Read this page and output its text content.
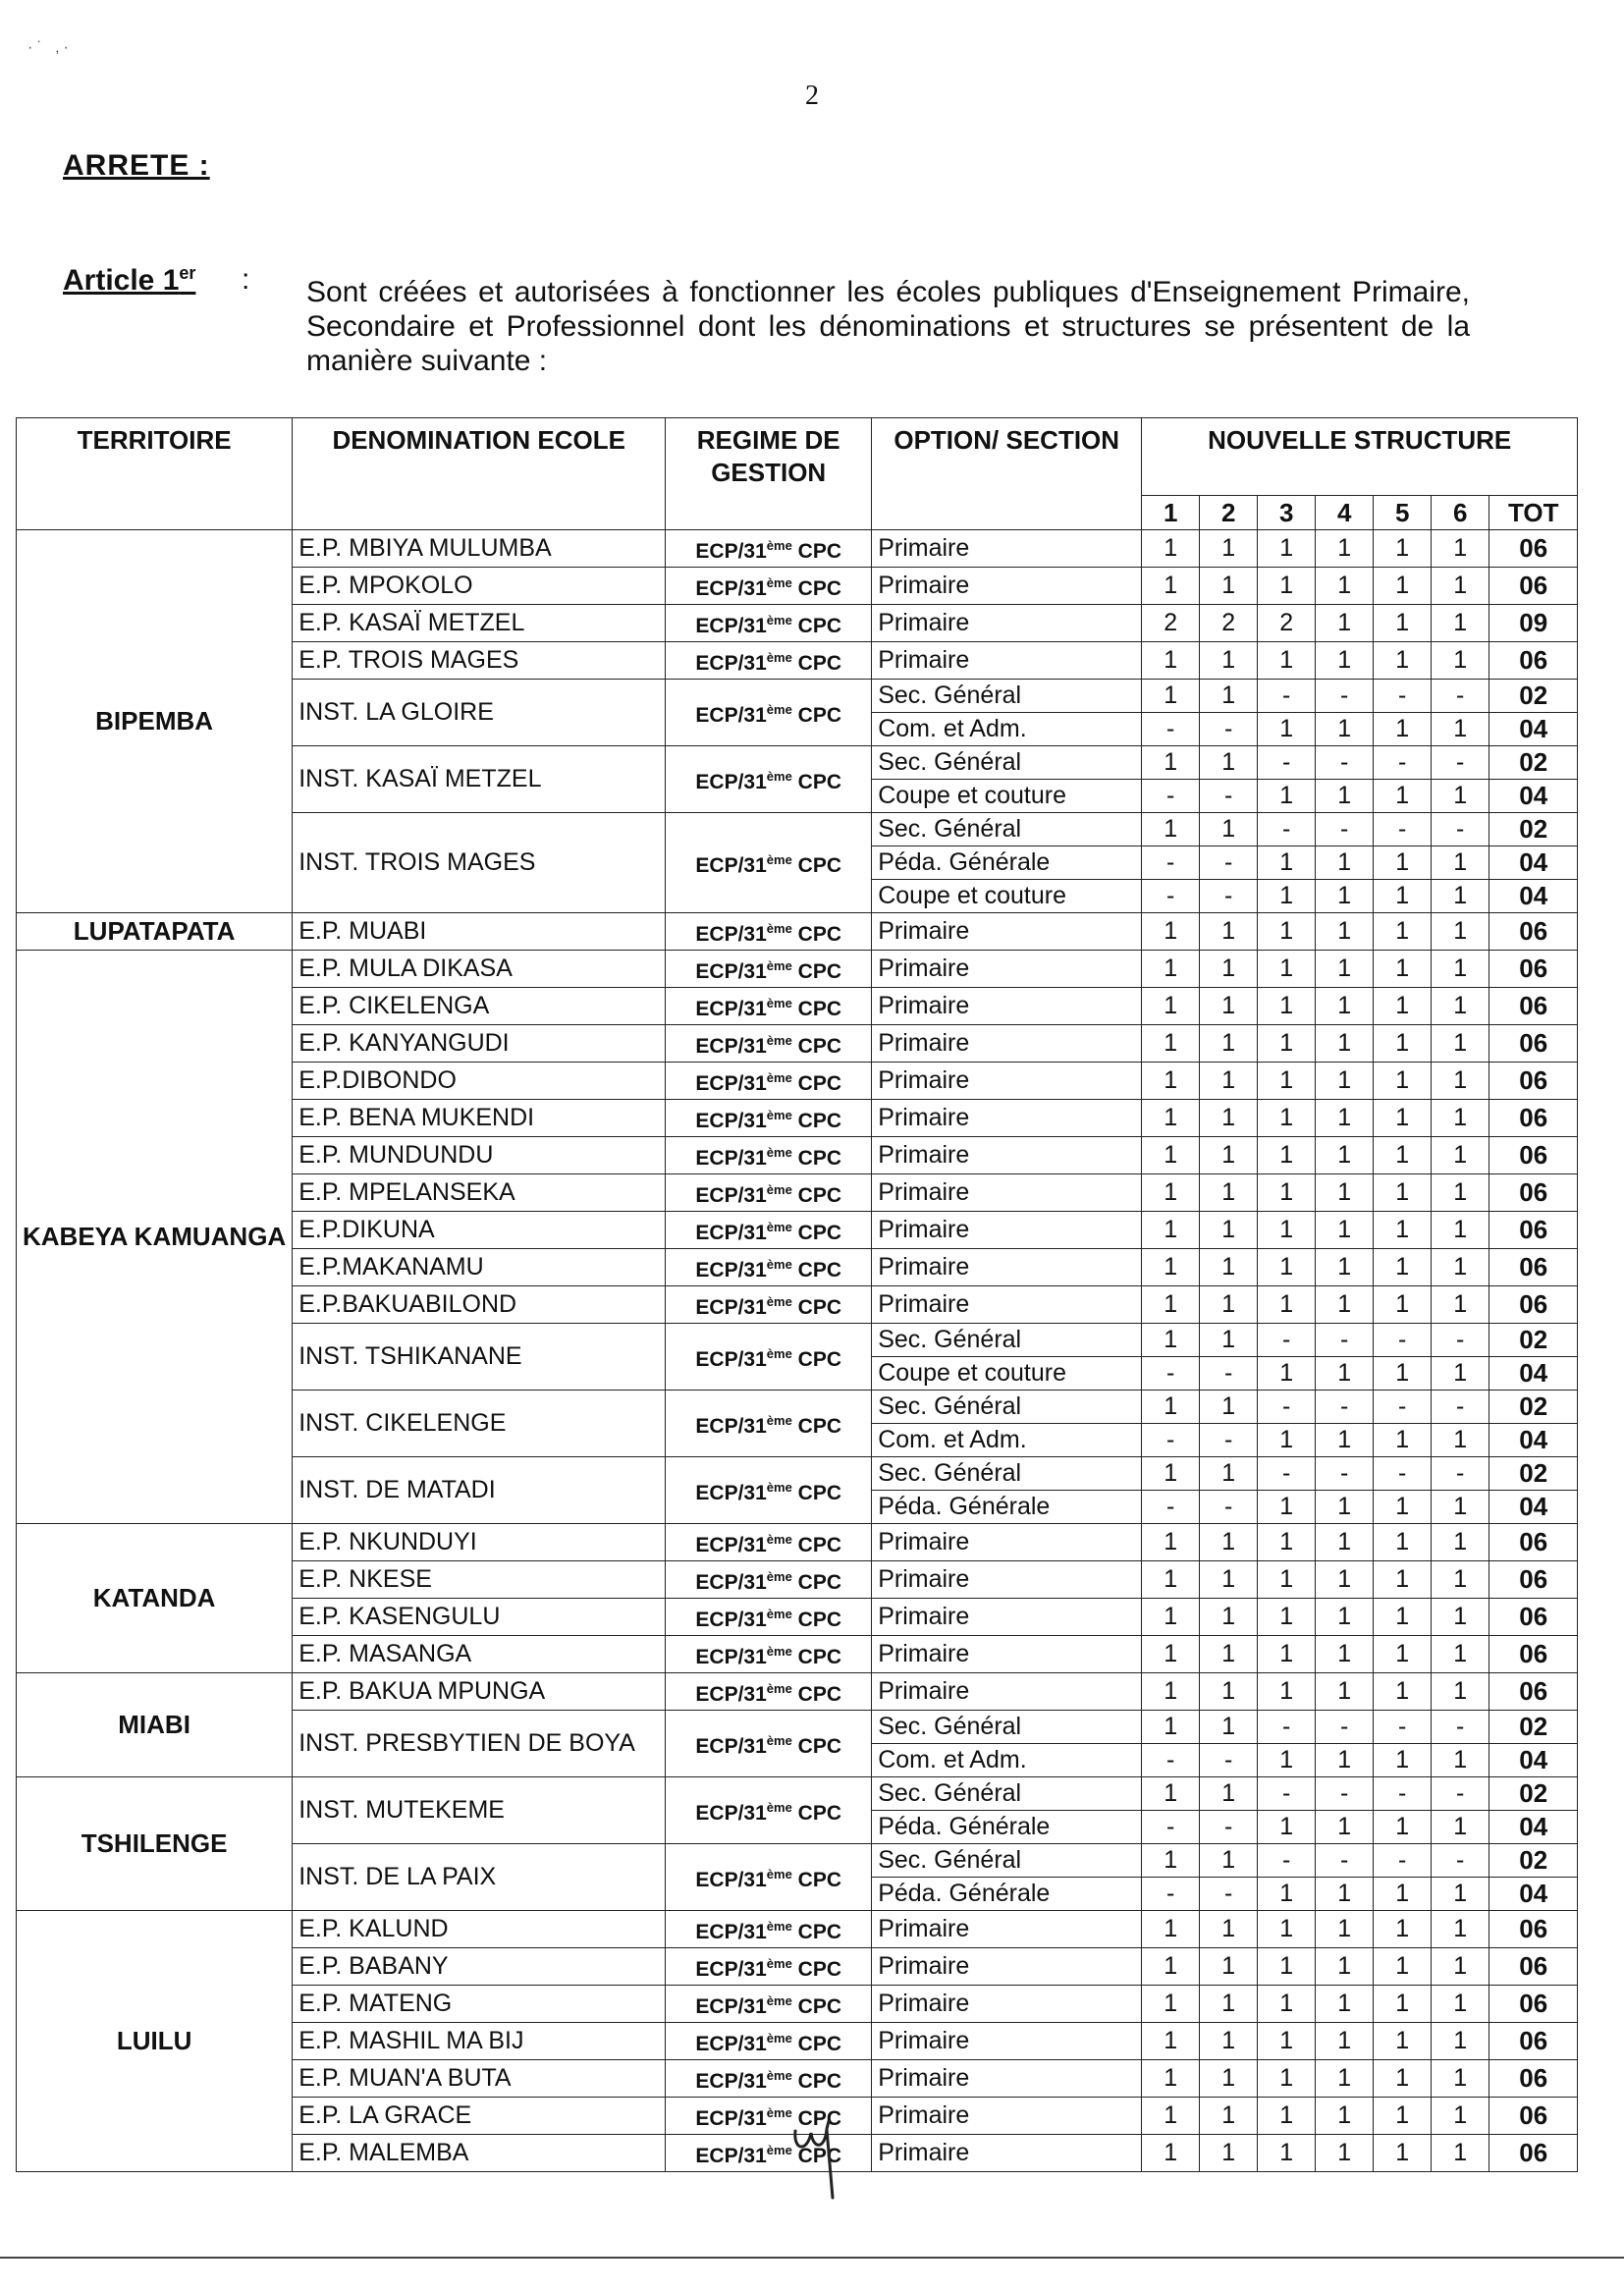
· ˙   ‚ ·
2
ARRETE :
Article 1er : Sont créées et autorisées à fonctionner les écoles publiques d'Enseignement Primaire, Secondaire et Professionnel dont les dénominations et structures se présentent de la manière suivante :
TERRITOIRE	DENOMINATION ECOLE	REGIME DE GESTION	OPTION/ SECTION	NOUVELLE STRUCTURE						
				1	2	3	4	5	6	TOT
BIPEMBA	E.P. MBIYA MULUMBA	ECP/31ème CPC	Primaire	1	1	1	1	1	1	06
	E.P. MPOKOLO	ECP/31ème CPC	Primaire	1	1	1	1	1	1	06
	E.P. KASAÏ METZEL	ECP/31ème CPC	Primaire	2	2	2	1	1	1	09
	E.P. TROIS MAGES	ECP/31ème CPC	Primaire	1	1	1	1	1	1	06
	INST. LA GLOIRE	ECP/31ème CPC	Sec. Général	1	1	-	-	-	-	02
			Com. et Adm.	-	-	1	1	1	1	04
	INST. KASAÏ METZEL	ECP/31ème CPC	Sec. Général	1	1	-	-	-	-	02
			Coupe et couture	-	-	1	1	1	1	04
	INST. TROIS MAGES	ECP/31ème CPC	Sec. Général	1	1	-	-	-	-	02
			Péda. Générale	-	-	1	1	1	1	04
			Coupe et couture	-	-	1	1	1	1	04
LUPATAPATA	E.P. MUABI	ECP/31ème CPC	Primaire	1	1	1	1	1	1	06
KABEYA KAMUANGA	E.P. MULA DIKASA	ECP/31ème CPC	Primaire	1	1	1	1	1	1	06
	E.P. CIKELENGA	ECP/31ème CPC	Primaire	1	1	1	1	1	1	06
	E.P. KANYANGUDI	ECP/31ème CPC	Primaire	1	1	1	1	1	1	06
	E.P.DIBONDO	ECP/31ème CPC	Primaire	1	1	1	1	1	1	06
	E.P. BENA MUKENDI	ECP/31ème CPC	Primaire	1	1	1	1	1	1	06
	E.P. MUNDUNDU	ECP/31ème CPC	Primaire	1	1	1	1	1	1	06
	E.P. MPELANSEKA	ECP/31ème CPC	Primaire	1	1	1	1	1	1	06
	E.P.DIKUNA	ECP/31ème CPC	Primaire	1	1	1	1	1	1	06
	E.P.MAKANAMU	ECP/31ème CPC	Primaire	1	1	1	1	1	1	06
	E.P.BAKUABILOND	ECP/31ème CPC	Primaire	1	1	1	1	1	1	06
	INST. TSHIKANANE	ECP/31ème CPC	Sec. Général	1	1	-	-	-	-	02
			Coupe et couture	-	-	1	1	1	1	04
	INST. CIKELENGE	ECP/31ème CPC	Sec. Général	1	1	-	-	-	-	02
			Com. et Adm.	-	-	1	1	1	1	04
	INST. DE MATADI	ECP/31ème CPC	Sec. Général	1	1	-	-	-	-	02
			Péda. Générale	-	-	1	1	1	1	04
KATANDA	E.P. NKUNDUYI	ECP/31ème CPC	Primaire	1	1	1	1	1	1	06
	E.P. NKESE	ECP/31ème CPC	Primaire	1	1	1	1	1	1	06
	E.P. KASENGULU	ECP/31ème CPC	Primaire	1	1	1	1	1	1	06
	E.P. MASANGA	ECP/31ème CPC	Primaire	1	1	1	1	1	1	06
MIABI	E.P. BAKUA MPUNGA	ECP/31ème CPC	Primaire	1	1	1	1	1	1	06
	INST. PRESBYTIEN DE BOYA	ECP/31ème CPC	Sec. Général	1	1	-	-	-	-	02
			Com. et Adm.	-	-	1	1	1	1	04
TSHILENGE	INST. MUTEKEME	ECP/31ème CPC	Sec. Général	1	1	-	-	-	-	02
			Péda. Générale	-	-	1	1	1	1	04
	INST. DE LA PAIX	ECP/31ème CPC	Sec. Général	1	1	-	-	-	-	02
			Péda. Générale	-	-	1	1	1	1	04
LUILU	E.P. KALUND	ECP/31ème CPC	Primaire	1	1	1	1	1	1	06
	E.P. BABANY	ECP/31ème CPC	Primaire	1	1	1	1	1	1	06
	E.P. MATENG	ECP/31ème CPC	Primaire	1	1	1	1	1	1	06
	E.P. MASHIL MA BIJ	ECP/31ème CPC	Primaire	1	1	1	1	1	1	06
	E.P. MUAN'A BUTA	ECP/31ème CPC	Primaire	1	1	1	1	1	1	06
	E.P. LA GRACE	ECP/31ème CPC	Primaire	1	1	1	1	1	1	06
	E.P. MALEMBA	ECP/31ème CPC	Primaire	1	1	1	1	1	1	06
